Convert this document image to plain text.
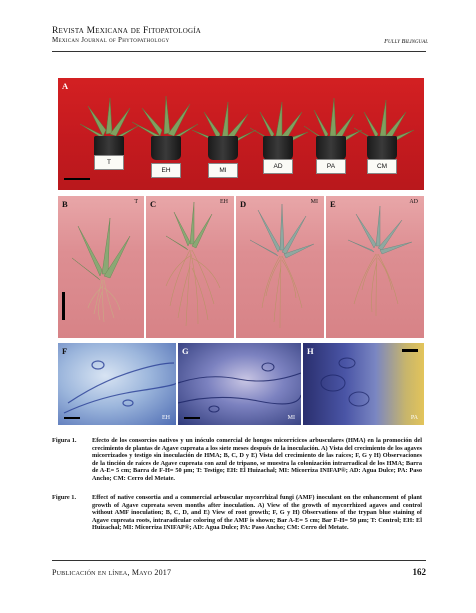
Revista Mexicana de Fitopatología
Mexican Journal of Phytopathology	Fully Bilingual
A
T
EH	MI
AD	PA	CM
B	T C	EH D	MI E	AD
F
EH
G
MI
H
PA
Figura 1. Efecto de los consorcios nativos y un inóculo comercial de hongos micorrícicos arbusculares (HMA) en la promoción del crecimiento de plantas de Agave cupreata a los siete meses después de la inoculación. A) Vista del crecimiento de los agaves micorrizados y testigo sin inoculación de HMA; B, C, D y E) Vista del crecimiento de las raíces; F, G y H) Observaciones de la tinción de raíces de Agave cupreata con azul de tripano, se muestra la colonización intrarradical de los HMA; Barra de A-E= 5 cm; Barra de F-H= 50 µm; T: Testigo; EH: El Huizachal; MI: Micorriza INIFAP®; AD: Agua Dulce; PA: Paso Ancho; CM: Cerro del Metate.
Figure 1.	Effect of native consortia and a commercial arbuscular mycorrhizal fungi (AMF) inoculant on the enhancement of plant growth of Agave cupreata seven months after inoculation. A) View of the growth of mycorrhized agaves and control without AMF inoculation; B, C, D, and E) View of root growth; F, G y H) Observations of the trypan blue staining of Agave cupreata roots, intraradicular coloring of the AMF is shown; Bar A-E= 5 cm; Bar F-H= 50 µm; T: Control; EH: El Huizachal; MI: Micorriza INIFAP®; AD: Agua Dulce; PA: Paso Ancho; CM: Cerro del Metate.
Publicación en línea, Mayo 2017	162
